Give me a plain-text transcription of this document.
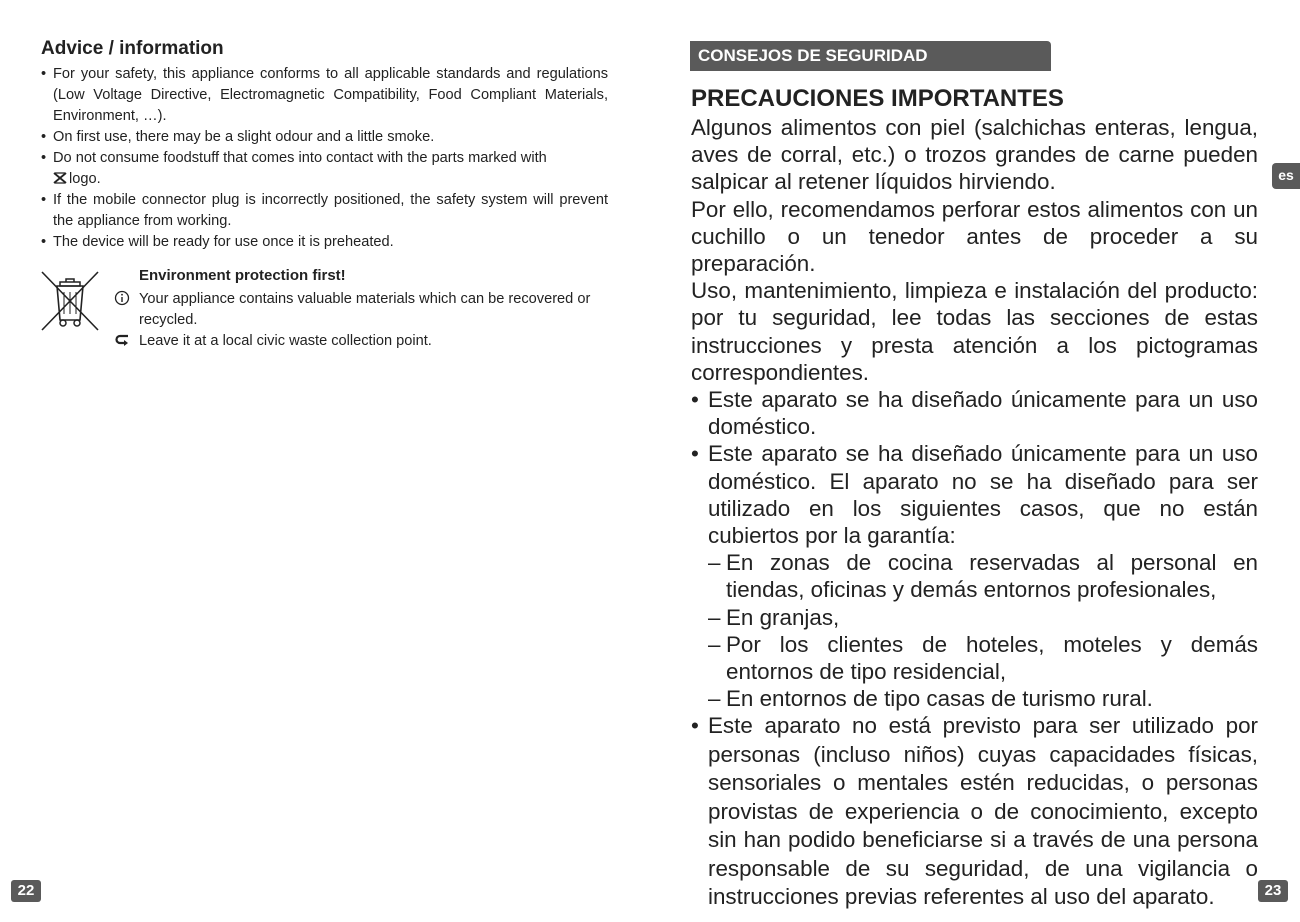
Advice / information
• For your safety, this appliance conforms to all applicable standards and regulations (Low Voltage Directive, Electromagnetic Compatibility, Food Compliant Materials, Environment, …).
• On first use, there may be a slight odour and a little smoke.
• Do not consume foodstuff that comes into contact with the parts marked with
logo.
• If the mobile connector plug is incorrectly positioned, the safety system will prevent the appliance from working.
• The device will be ready for use once it is preheated.
Environment protection first!
Your appliance contains valuable materials which can be recovered or recycled.
Leave it at a local civic waste collection point.
22
CONSEJOS DE SEGURIDAD
es
PRECAUCIONES IMPORTANTES

Algunos alimentos con piel (salchichas enteras, lengua, aves de corral, etc.) o trozos grandes de carne pueden salpicar al retener líquidos hirviendo.

Por ello, recomendamos perforar estos alimentos con un cuchillo o un tenedor antes de proceder a su preparación.

Uso, mantenimiento, limpieza e instalación del producto: por tu seguridad, lee todas las secciones de estas instrucciones y presta atención a los pictogramas correspondientes.

• Este aparato se ha diseñado únicamente para un uso doméstico.
• Este aparato se ha diseñado únicamente para un uso doméstico. El aparato no se ha diseñado para ser utilizado en los siguientes casos, que no están cubiertos por la garantía:
– En zonas de cocina reservadas al personal en tiendas, oficinas y demás entornos profesionales,
– En granjas,
– Por los clientes de hoteles, moteles y demás entornos de tipo residencial,
– En entornos de tipo casas de turismo rural.
• Este aparato no está previsto para ser utilizado por personas (incluso niños) cuyas capacidades físicas, sensoriales o mentales estén reducidas, o personas provistas de experiencia o de conocimiento, excepto sin han podido beneficiarse si a través de una persona responsable de su seguridad, de una vigilancia o instrucciones previas referentes al uso del aparato.	23
